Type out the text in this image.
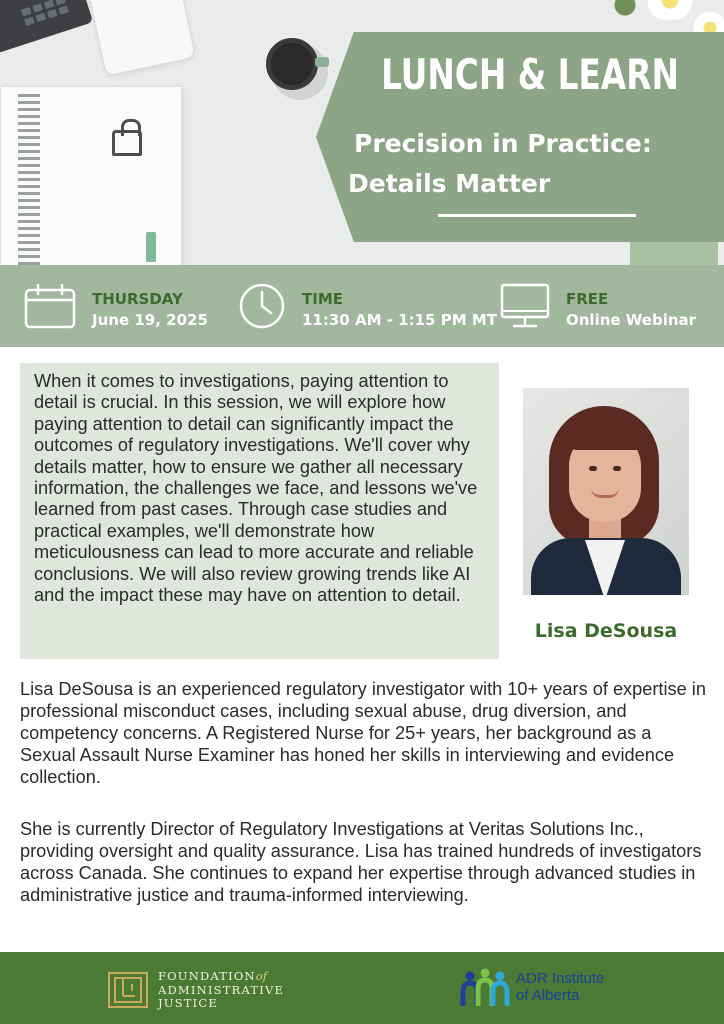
LUNCH & LEARN
Precision in Practice:
Details Matter
THURSDAY
June 19, 2025
TIME
11:30 AM - 1:15 PM MT
FREE
Online Webinar

When it comes to investigations, paying attention to detail is crucial. In this session, we will explore how paying attention to detail can significantly impact the outcomes of regulatory investigations. We'll cover why details matter, how to ensure we gather all necessary information, the challenges we face, and lessons we've learned from past cases. Through case studies and practical examples, we'll demonstrate how meticulousness can lead to more accurate and reliable conclusions. We will also review growing trends like AI and the impact these may have on attention to detail.

Lisa DeSousa

Lisa DeSousa is an experienced regulatory investigator with 10+ years of expertise in professional misconduct cases, including sexual abuse, drug diversion, and competency concerns. A Registered Nurse for 25+ years, her background as a Sexual Assault Nurse Examiner has honed her skills in interviewing and evidence collection.

She is currently Director of Regulatory Investigations at Veritas Solutions Inc., providing oversight and quality assurance. Lisa has trained hundreds of investigators across Canada. She continues to expand her expertise through advanced studies in administrative justice and trauma-informed interviewing.

FOUNDATIONof
ADMINISTRATIVE
JUSTICE
ADR Institute
of Alberta
